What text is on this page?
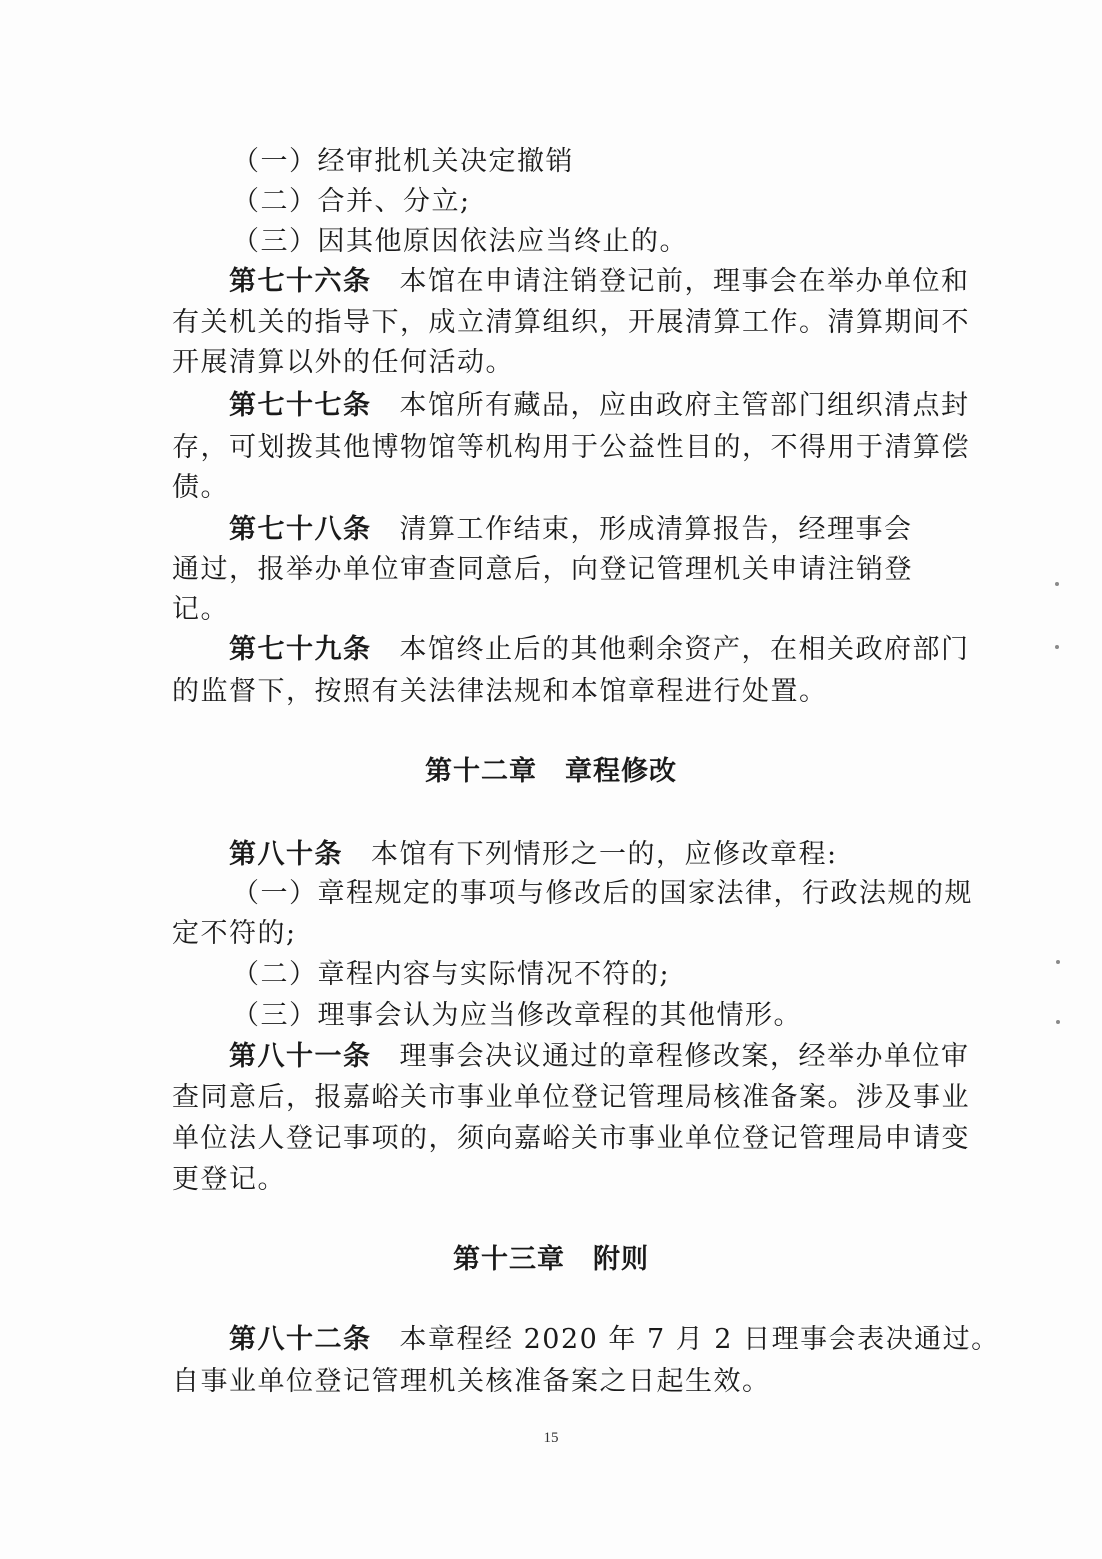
（一）经审批机关决定撤销
（二）合并、分立;
（三）因其他原因依法应当终止的。
第七十六条 本馆在申请注销登记前，理事会在举办单位和
有关机关的指导下，成立清算组织，开展清算工作。清算期间不
开展清算以外的任何活动。
第七十七条 本馆所有藏品，应由政府主管部门组织清点封
存，可划拨其他博物馆等机构用于公益性目的，不得用于清算偿
债。
第七十八条 清算工作结束，形成清算报告，经理事会
通过，报举办单位审查同意后，向登记管理机关申请注销登
记。
第七十九条 本馆终止后的其他剩余资产，在相关政府部门
的监督下，按照有关法律法规和本馆章程进行处置。
第十二章　章程修改
第八十条 本馆有下列情形之一的，应修改章程:
（一）章程规定的事项与修改后的国家法律，行政法规的规
定不符的;
（二）章程内容与实际情况不符的;
（三）理事会认为应当修改章程的其他情形。
第八十一条 理事会决议通过的章程修改案，经举办单位审
查同意后，报嘉峪关市事业单位登记管理局核准备案。涉及事业
单位法人登记事项的，须向嘉峪关市事业单位登记管理局申请变
更登记。
第十三章　附则
第八十二条 本章程经 2020 年 7 月 2 日理事会表决通过。
自事业单位登记管理机关核准备案之日起生效。
15
